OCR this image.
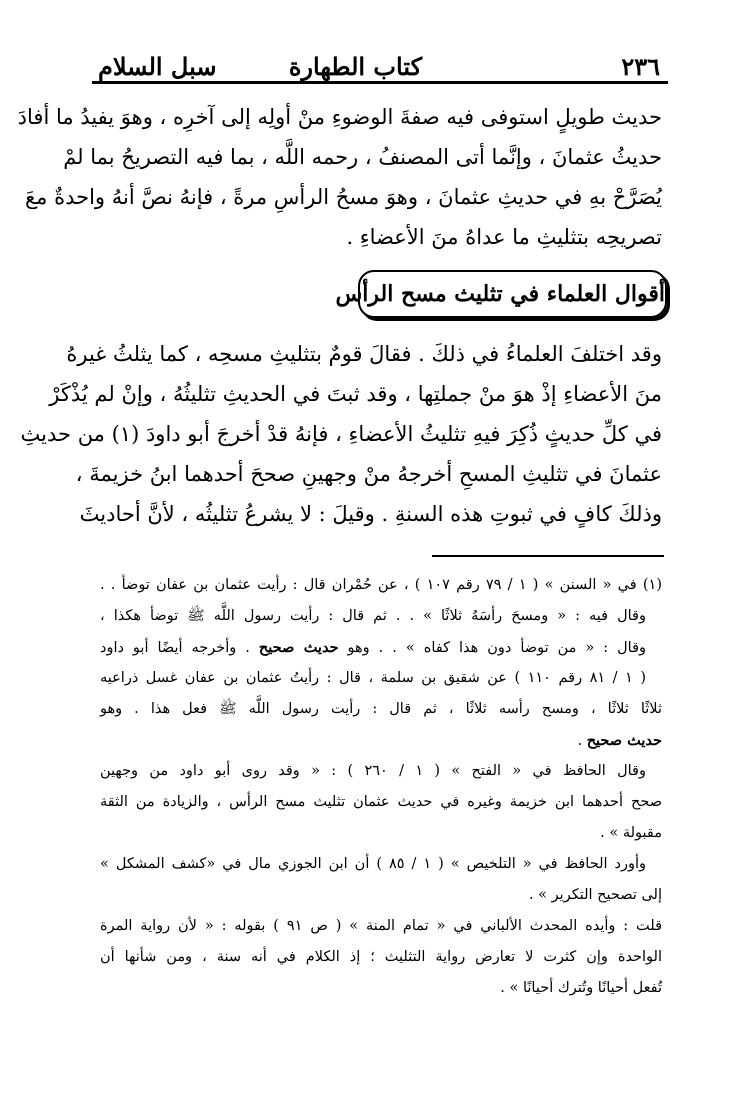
٢٣٦
كتاب الطهارة
سبل السلام
حديث طويلٍ استوفى فيه صفةَ الوضوءِ منْ أولِه إلى آخرِه ، وهوَ يفيدُ ما أفادَ
حديثُ عثمانَ ، وإنَّما أتى المصنفُ ، رحمه اللَّه ، بما فيه التصريحُ بما لمْ
يُصَرَّحْ بهِ في حديثِ عثمانَ ، وهوَ مسحُ الرأسِ مرةً ، فإنهُ نصَّ أنهُ واحدةٌ معَ
تصريحِه بتثليثِ ما عداهُ منَ الأعضاءِ .
أقوال العلماء في تثليث مسح الرأس
وقد اختلفَ العلماءُ في ذلكَ . فقالَ قومٌ بتثليثِ مسحِه ، كما يثلثُ غيرهُ
منَ الأعضاءِ إذْ هوَ منْ جملتِها ، وقد ثبتَ في الحديثِ تثليثُهُ ، وإنْ لم يُذْكَرْ
في كلِّ حديثٍ ذُكِرَ فيهِ تثليثُ الأعضاءِ ، فإنهُ قدْ أخرجَ أبو داودَ (١) من حديثِ
عثمانَ في تثليثِ المسحِ أخرجهُ منْ وجهينِ صححَ أحدهما ابنُ خزيمةَ ،
وذلكَ كافٍ في ثبوتِ هذه السنةِ . وقيلَ : لا يشرعُ تثليثُه ، لأنَّ أحاديثَ
(١) في « السنن » ( ١ / ٧٩ رقم ١٠٧ ) ، عن حُمْران قال : رأيت عثمان بن عفان توضأ . .
وقال فيه : « ومسحَ رأسَهُ ثلاثًا » . . ثم قال : رأيت رسول اللَّه ﷺ توضأ هكذا ،
وقال : « من توضأ دون هذا كفاه » . . وهو حديث صحيح . وأخرجه أيضًا أبو داود
( ١ / ٨١ رقم ١١٠ ) عن شقيق بن سلمة ، قال : رأيتُ عثمان بن عفان غسل ذراعيه
ثلاثًا ثلاثًا ، ومسح رأسه ثلاثًا ، ثم قال : رأيت رسول اللَّه ﷺ فعل هذا . وهو
حديث صحيح .
وقال الحافظ في « الفتح » ( ١ / ٢٦٠ ) : « وقد روى أبو داود من وجهين
صحح أحدهما ابن خزيمة وغيره في حديث عثمان تثليث مسح الرأس ، والزيادة من الثقة
مقبولة » .
وأورد الحافظ في « التلخيص » ( ١ / ٨٥ ) أن ابن الجوزي مال في «كشف المشكل »
إلى تصحيح التكرير » .
قلت : وأيده المحدث الألباني في « تمام المنة » ( ص ٩١ ) بقوله : « لأن رواية المرة
الواحدة وإن كثرت لا تعارض رواية التثليث ؛ إذ الكلام في أنه سنة ، ومن شأنها أن
تُفعل أحيانًا وتُترك أحيانًا » .
